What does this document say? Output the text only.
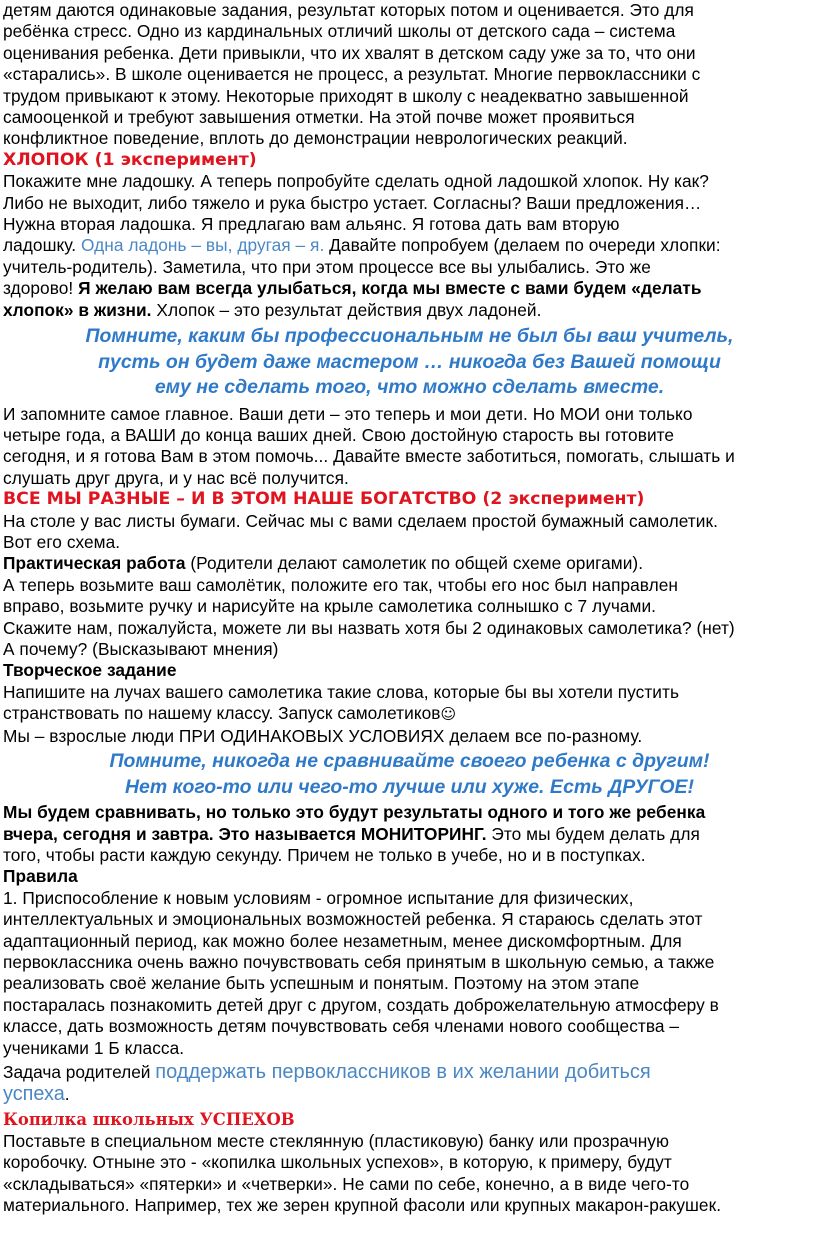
детям даются одинаковые задания, результат которых потом и оценивается. Это для

ребёнка стресс. Одно из кардинальных отличий школы от детского сада – система

оценивания ребенка. Дети привыкли, что их хвалят в детском саду уже за то, что они

«старались». В школе оценивается не процесс, а результат. Многие первоклассники с

трудом привыкают к этому. Некоторые приходят в школу с неадекватно завышенной

самооценкой и требуют завышения отметки. На этой почве может проявиться

конфликтное поведение, вплоть до демонстрации неврологических реакций.

ХЛОПОК (1 эксперимент)

Покажите мне ладошку. А теперь попробуйте сделать одной ладошкой хлопок. Ну как?

Либо не выходит, либо тяжело и рука быстро устает. Согласны? Ваши предложения…

Нужна вторая ладошка. Я предлагаю вам альянс. Я готова дать вам вторую

ладошку. Одна ладонь – вы, другая – я. Давайте попробуем (делаем по очереди хлопки:

учитель-родитель). Заметила, что при этом процессе все вы улыбались. Это же

здорово! Я желаю вам всегда улыбаться, когда мы вместе с вами будем «делать

хлопок» в жизни. Хлопок – это результат действия двух ладоней.

Помните, каким бы профессиональным не был бы ваш учитель,

пусть он будет даже мастером … никогда без Вашей помощи

ему не сделать того, что можно сделать вместе.

И запомните самое главное. Ваши дети – это теперь и мои дети. Но МОИ они только

четыре года, а ВАШИ до конца ваших дней. Свою достойную старость вы готовите

сегодня, и я готова Вам в этом помочь... Давайте вместе заботиться, помогать, слышать и

слушать друг друга, и у нас всё получится.

ВСЕ МЫ РАЗНЫЕ – И В ЭТОМ НАШЕ БОГАТСТВО (2 эксперимент)

На столе у вас листы бумаги. Сейчас мы с вами сделаем простой бумажный самолетик.

Вот его схема.

Практическая работа (Родители делают самолетик по общей схеме оригами).

А теперь возьмите ваш самолётик, положите его так, чтобы его нос был направлен

вправо, возьмите ручку и нарисуйте на крыле самолетика солнышко с 7 лучами.

Скажите нам, пожалуйста, можете ли вы назвать хотя бы 2 одинаковых самолетика? (нет)

А почему? (Высказывают мнения)

Творческое задание

Напишите на лучах вашего самолетика такие слова, которые бы вы хотели пустить

странствовать по нашему классу. Запуск самолетиков☺

Мы – взрослые люди ПРИ ОДИНАКОВЫХ УСЛОВИЯХ делаем все по-разному.

Помните, никогда не сравнивайте своего ребенка с другим!

Нет кого-то или чего-то лучше или хуже. Есть ДРУГОЕ!

Мы будем сравнивать, но только это будут результаты одного и того же ребенка

вчера, сегодня и завтра. Это называется МОНИТОРИНГ. Это мы будем делать для

того, чтобы расти каждую секунду. Причем не только в учебе, но и в поступках.

Правила

1. Приспособление к новым условиям - огромное испытание для физических,

интеллектуальных и эмоциональных возможностей ребенка. Я стараюсь сделать этот

адаптационный период, как можно более незаметным, менее дискомфортным. Для

первоклассника очень важно почувствовать себя принятым в школьную семью, а также

реализовать своё желание быть успешным и понятым. Поэтому на этом этапе

постаралась познакомить детей друг с другом, создать доброжелательную атмосферу в

классе, дать возможность детям почувствовать себя членами нового сообщества –

учениками 1 Б класса.

Задача родителей поддержать первоклассников в их желании добиться

успеха.

Копилка школьных УСПЕХОВ

Поставьте в специальном месте стеклянную (пластиковую) банку или прозрачную

коробочку. Отныне это - «копилка школьных успехов», в которую, к примеру, будут

«складываться» «пятерки» и «четверки». Не сами по себе, конечно, а в виде чего-то

материального. Например, тех же зерен крупной фасоли или крупных макарон-ракушек.
